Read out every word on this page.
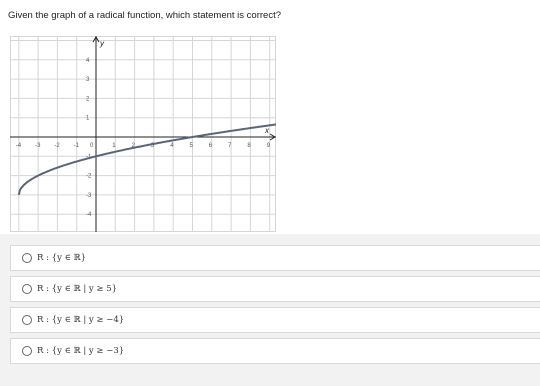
Given the graph of a radical function, which statement is correct?
x
y
-4 -3 -2 -1 0	1	2	3	4	5	6	7	8	9
4
3
2
1
-1
-2
-3
-4
R : {y ∈ ℝ}
R : {y ∈ ℝ | y ≥ 5}
R : {y ∈ ℝ | y ≥ −4}
R : {y ∈ ℝ | y ≥ −3}
